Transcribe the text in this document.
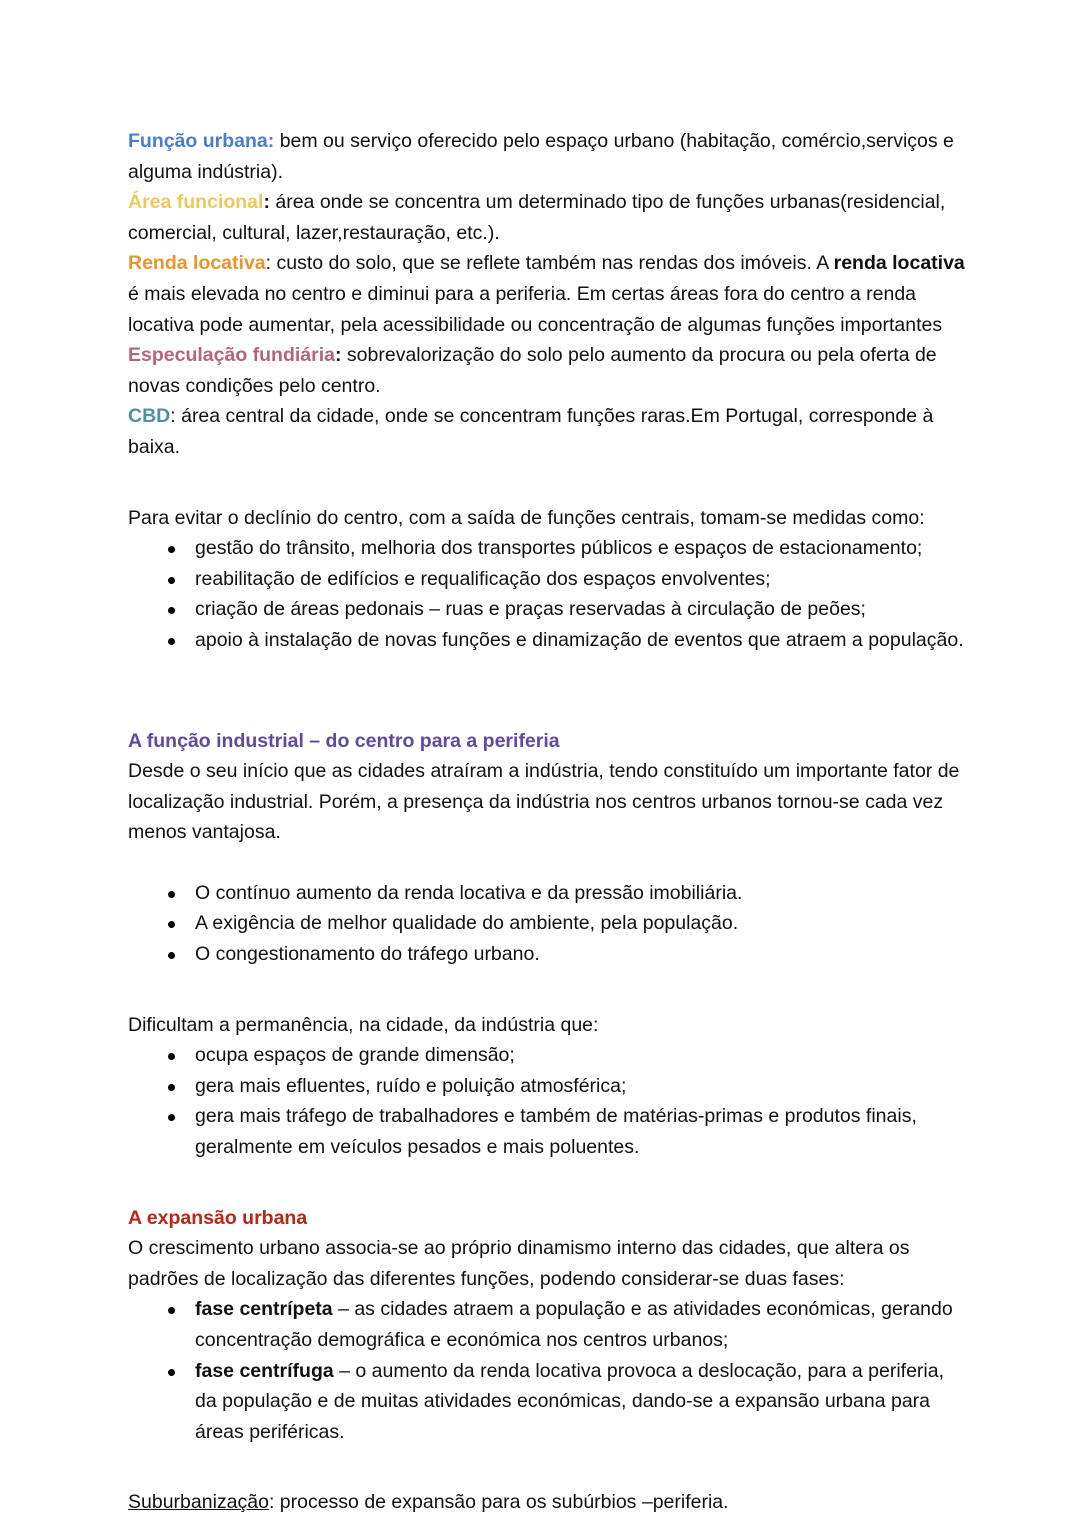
Função urbana: bem ou serviço oferecido pelo espaço urbano (habitação, comércio,serviços e alguma indústria).

Área funcional: área onde se concentra um determinado tipo de funções urbanas(residencial, comercial, cultural, lazer,restauração, etc.).

Renda locativa: custo do solo, que se reflete também nas rendas dos imóveis. A renda locativa é mais elevada no centro e diminui para a periferia. Em certas áreas fora do centro a renda locativa pode aumentar, pela acessibilidade ou concentração de algumas funções importantes

Especulação fundiária: sobrevalorização do solo pelo aumento da procura ou pela oferta de novas condições pelo centro.

CBD: área central da cidade, onde se concentram funções raras.Em Portugal, corresponde à baixa.

Para evitar o declínio do centro, com a saída de funções centrais, tomam-se medidas como:

gestão do trânsito, melhoria dos transportes públicos e espaços de estacionamento;
reabilitação de edifícios e requalificação dos espaços envolventes;
criação de áreas pedonais – ruas e praças reservadas à circulação de peões;
apoio à instalação de novas funções e dinamização de eventos que atraem a população.
A função industrial – do centro para a periferia

Desde o seu início que as cidades atraíram a indústria, tendo constituído um importante fator de localização industrial. Porém, a presença da indústria nos centros urbanos tornou-se cada vez menos vantajosa.

O contínuo aumento da renda locativa e da pressão imobiliária.
A exigência de melhor qualidade do ambiente, pela população.
O congestionamento do tráfego urbano.

Dificultam a permanência, na cidade, da indústria que:

ocupa espaços de grande dimensão;
gera mais efluentes, ruído e poluição atmosférica;
gera mais tráfego de trabalhadores e também de matérias-primas e produtos finais, geralmente em veículos pesados e mais poluentes.
A expansão urbana

O crescimento urbano associa-se ao próprio dinamismo interno das cidades, que altera os padrões de localização das diferentes funções, podendo considerar-se duas fases:

fase centrípeta – as cidades atraem a população e as atividades económicas, gerando concentração demográfica e económica nos centros urbanos;
fase centrífuga – o aumento da renda locativa provoca a deslocação, para a periferia, da população e de muitas atividades económicas, dando-se a expansão urbana para áreas periféricas.

Suburbanização: processo de expansão para os subúrbios –periferia.
